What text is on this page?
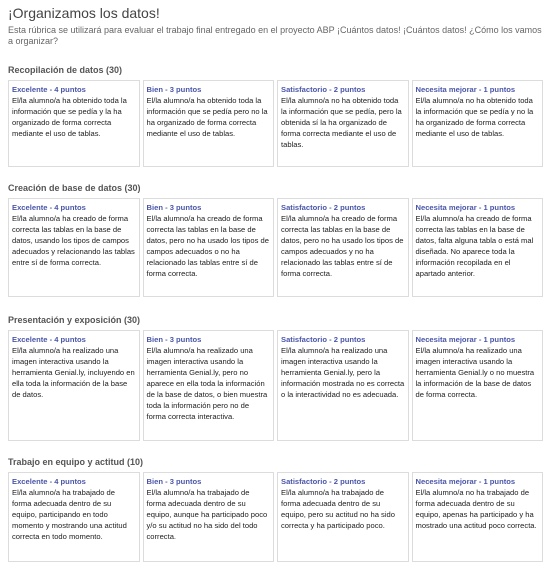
¡Organizamos los datos!
Esta rúbrica se utilizará para evaluar el trabajo final entregado en el proyecto ABP ¡Cuántos datos! ¡Cuántos datos! ¿Cómo los vamos a organizar?
Recopilación de datos (30)
Excelente - 4 puntos
El/la alumno/a ha obtenido toda la información que se pedía y la ha organizado de forma correcta mediante el uso de tablas.
Bien - 3 puntos
El/la alumno/a ha obtenido toda la información que se pedía pero no la ha organizado de forma correcta mediante el uso de tablas.
Satisfactorio - 2 puntos
El/la alumno/a no ha obtenido toda la información que se pedía, pero la obtenida sí la ha organizado de forma correcta mediante el uso de tablas.
Necesita mejorar - 1 puntos
El/la alumno/a no ha obtenido toda la información que se pedía y no la ha organizado de forma correcta mediante el uso de tablas.
Creación de base de datos (30)
Excelente - 4 puntos
El/la alumno/a ha creado de forma correcta las tablas en la base de datos, usando los tipos de campos adecuados y relacionando las tablas entre sí de forma correcta.
Bien - 3 puntos
El/la alumno/a ha creado de forma correcta las tablas en la base de datos, pero no ha usado los tipos de campos adecuados o no ha relacionado las tablas entre sí de forma correcta.
Satisfactorio - 2 puntos
El/la alumno/a ha creado de forma correcta las tablas en la base de datos, pero no ha usado los tipos de campos adecuados y no ha relacionado las tablas entre sí de forma correcta.
Necesita mejorar - 1 puntos
El/la alumno/a ha creado de forma correcta las tablas en la base de datos, falta alguna tabla o está mal diseñada. No aparece toda la información recopilada en el apartado anterior.
Presentación y exposición (30)
Excelente - 4 puntos
El/la alumno/a ha realizado una imagen interactiva usando la herramienta Genial.ly, incluyendo en ella toda la información de la base de datos.
Bien - 3 puntos
El/la alumno/a ha realizado una imagen interactiva usando la herramienta Genial.ly, pero no aparece en ella toda la información de la base de datos, o bien muestra toda la información pero no de forma correcta interactiva.
Satisfactorio - 2 puntos
El/la alumno/a ha realizado una imagen interactiva usando la herramienta Genial.ly, pero la información mostrada no es correcta o la interactividad no es adecuada.
Necesita mejorar - 1 puntos
El/la alumno/a ha realizado una imagen interactiva usando la herramienta Genial.ly o no muestra la información de la base de datos de forma correcta.
Trabajo en equipo y actitud (10)
Excelente - 4 puntos
El/la alumno/a ha trabajado de forma adecuada dentro de su equipo, participando en todo momento y mostrando una actitud correcta en todo momento.
Bien - 3 puntos
El/la alumno/a ha trabajado de forma adecuada dentro de su equipo, aunque ha participado poco y/o su actitud no ha sido del todo correcta.
Satisfactorio - 2 puntos
El/la alumno/a ha trabajado de forma adecuada dentro de su equipo, pero su actitud no ha sido correcta y ha participado poco.
Necesita mejorar - 1 puntos
El/la alumno/a no ha trabajado de forma adecuada dentro de su equipo, apenas ha participado y ha mostrado una actitud poco correcta.
